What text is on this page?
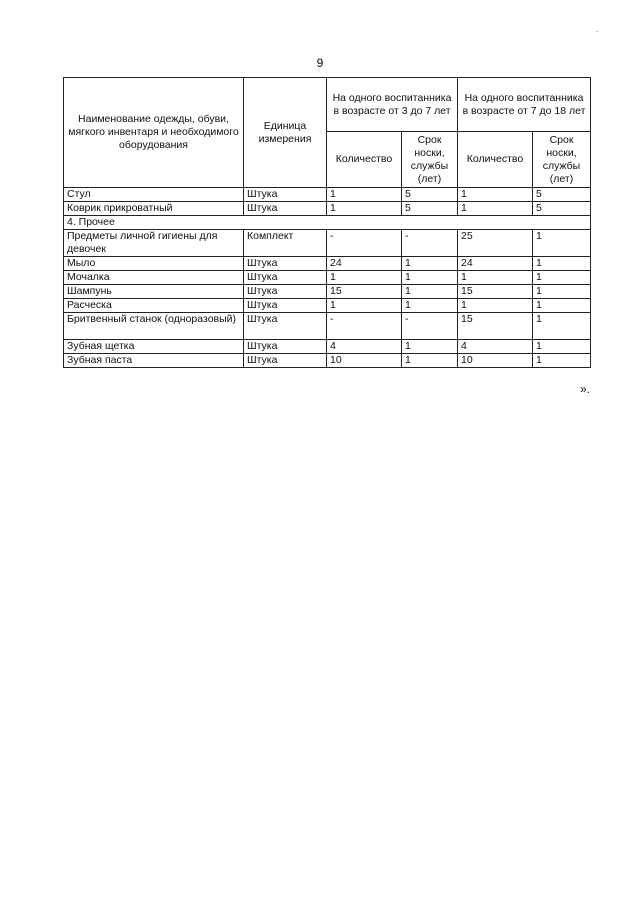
9
Наименование одежды, обуви, мягкого инвентаря и необходимого оборудования	Единица измерения	На одного воспитанника в возрасте от 3 до 7 лет		На одного воспитанника в возрасте от 7 до 18 лет	
		Количество	Срок носки, службы (лет)	Количество	Срок носки, службы (лет)
Стул	Штука	1	5	1	5
Коврик прикроватный	Штука	1	5	1	5
4. Прочее					
Предметы личной гигиены для девочек	Комплект	-	-	25	1
Мыло	Штука	24	1	24	1
Мочалка	Штука	1	1	1	1
Шампунь	Штука	15	1	15	1
Расческа	Штука	1	1	1	1
Бритвенный станок (одноразовый)	Штука	-	-	15	1
Зубная щетка	Штука	4	1	4	1
Зубная паста	Штука	10	1	10	1
».
